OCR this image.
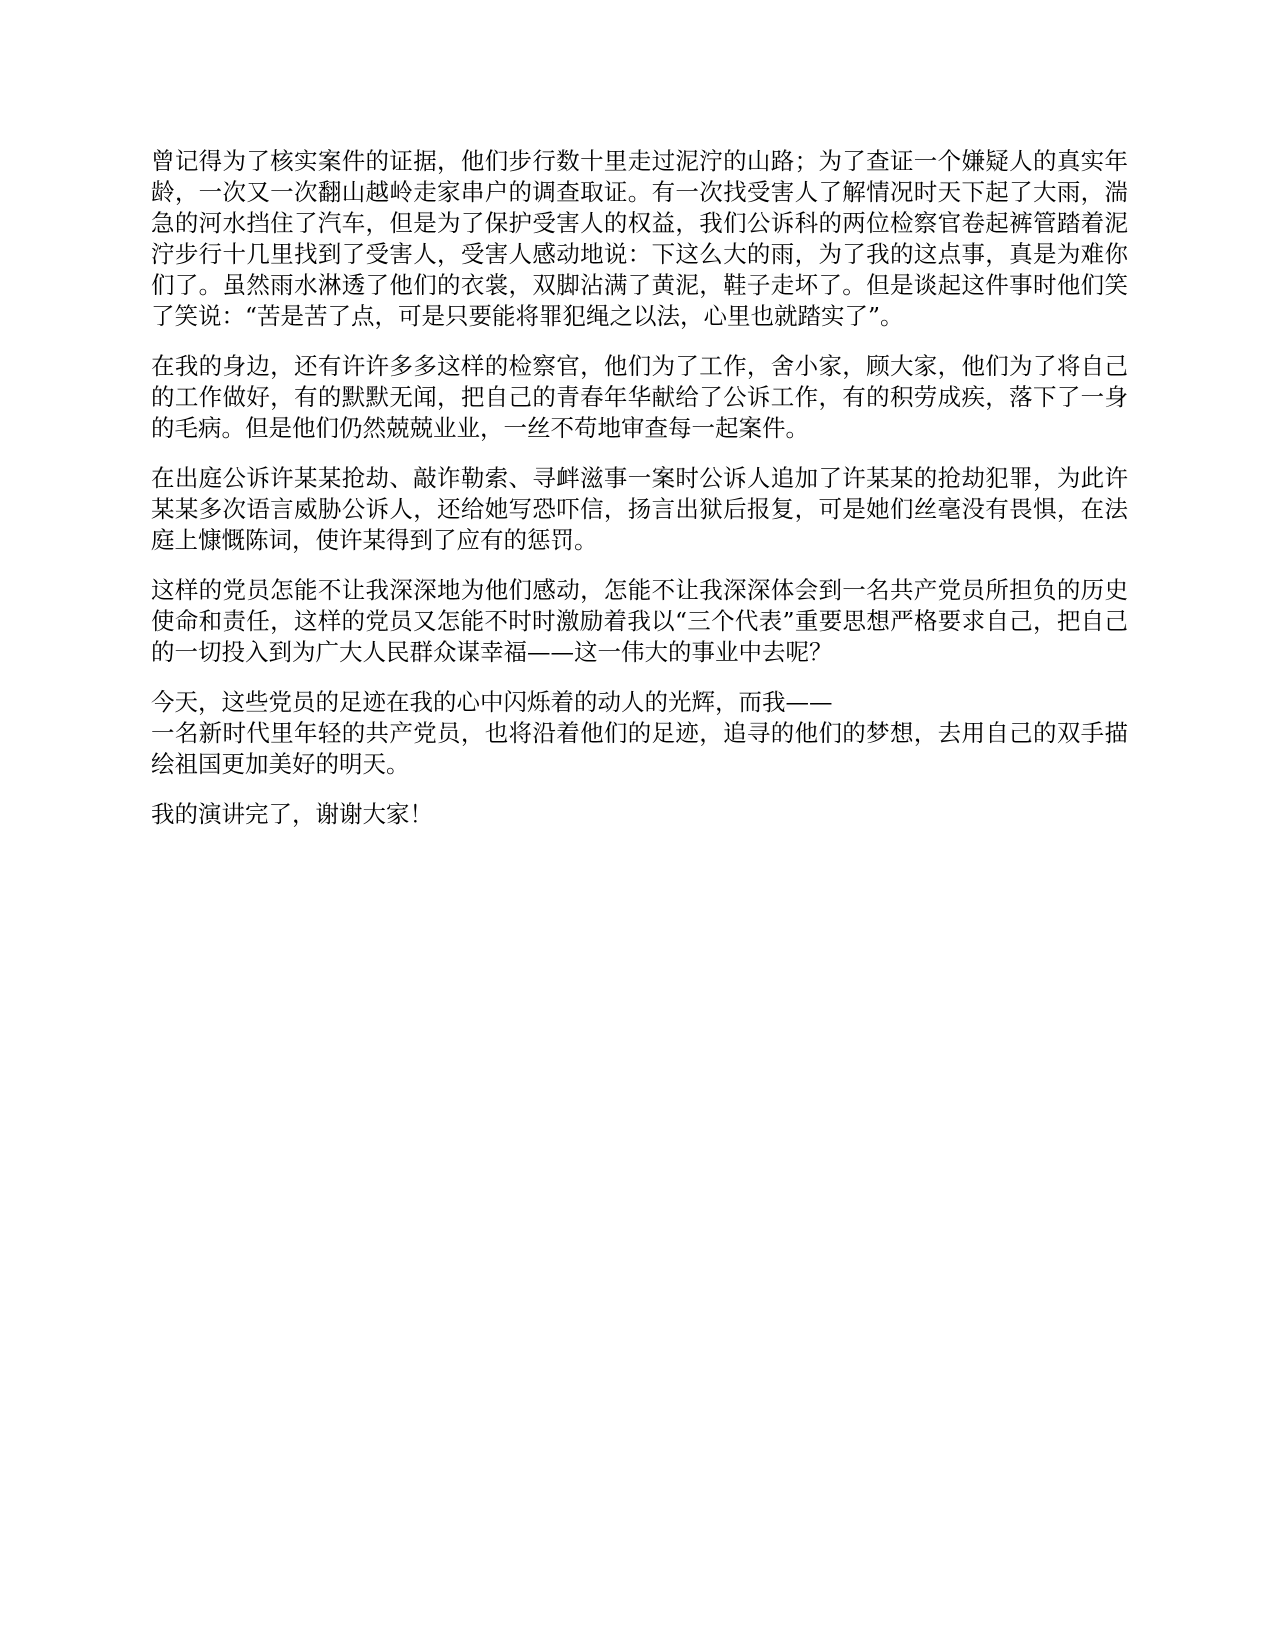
曾记得为了核实案件的证据，他们步行数十里走过泥泞的山路；为了查证一个嫌疑人的真实年龄，一次又一次翻山越岭走家串户的调查取证。有一次找受害人了解情况时天下起了大雨，湍急的河水挡住了汽车，但是为了保护受害人的权益，我们公诉科的两位检察官卷起裤管踏着泥泞步行十几里找到了受害人，受害人感动地说：下这么大的雨，为了我的这点事，真是为难你们了。虽然雨水淋透了他们的衣裳，双脚沾满了黄泥，鞋子走坏了。但是谈起这件事时他们笑了笑说：“苦是苦了点，可是只要能将罪犯绳之以法，心里也就踏实了”。

在我的身边，还有许许多多这样的检察官，他们为了工作，舍小家，顾大家，他们为了将自己的工作做好，有的默默无闻，把自己的青春年华献给了公诉工作，有的积劳成疾，落下了一身的毛病。但是他们仍然兢兢业业，一丝不苟地审查每一起案件。

在出庭公诉许某某抢劫、敲诈勒索、寻衅滋事一案时公诉人追加了许某某的抢劫犯罪，为此许某某多次语言威胁公诉人，还给她写恐吓信，扬言出狱后报复，可是她们丝毫没有畏惧，在法庭上慷慨陈词，使许某得到了应有的惩罚。

这样的党员怎能不让我深深地为他们感动，怎能不让我深深体会到一名共产党员所担负的历史使命和责任，这样的党员又怎能不时时激励着我以“三个代表”重要思想严格要求自己，把自己的一切投入到为广大人民群众谋幸福——这一伟大的事业中去呢？

今天，这些党员的足迹在我的心中闪烁着的动人的光辉，而我——
一名新时代里年轻的共产党员，也将沿着他们的足迹，追寻的他们的梦想，去用自己的双手描绘祖国更加美好的明天。

我的演讲完了，谢谢大家！
